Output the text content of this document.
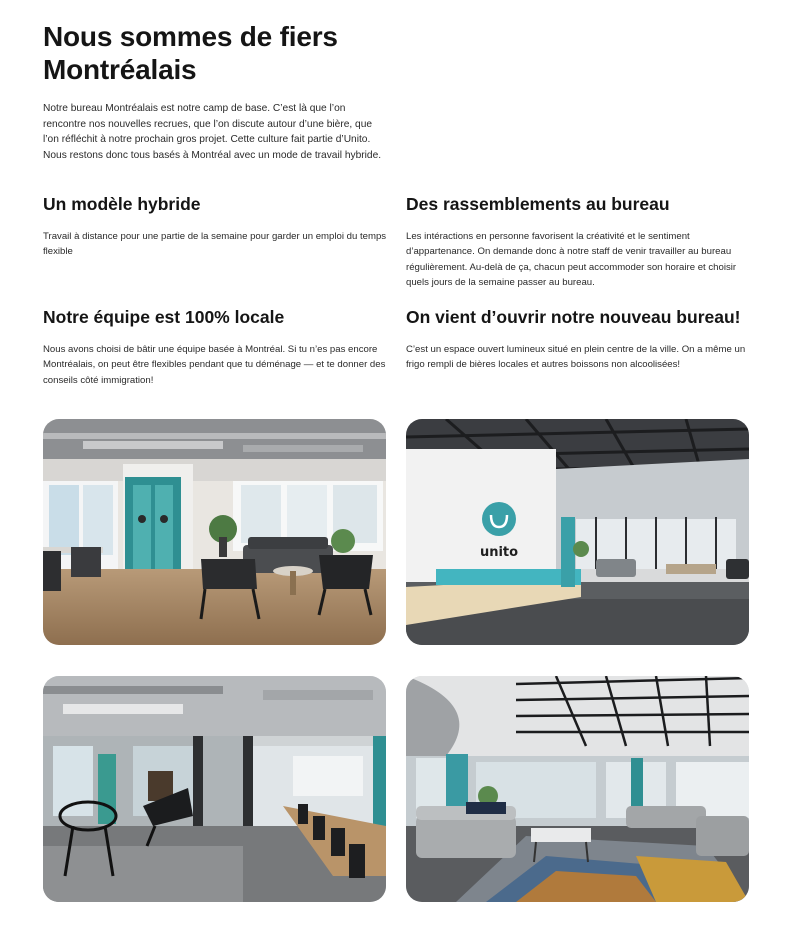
Nous sommes de fiers Montréalais

Notre bureau Montréalais est notre camp de base. C’est là que l’on rencontre nos nouvelles recrues, que l’on discute autour d’une bière, que l’on réfléchit à notre prochain gros projet. Cette culture fait partie d’Unito. Nous restons donc tous basés à Montréal avec un mode de travail hybride.

Un modèle hybride

Travail à distance pour une partie de la semaine pour garder un emploi du temps flexible

Des rassemblements au bureau

Les intéractions en personne favorisent la créativité et le sentiment d’appartenance. On demande donc à notre staff de venir travailler au bureau régulièrement. Au-delà de ça, chacun peut accommoder son horaire et choisir quels jours de la semaine passer au bureau.

Notre équipe est 100% locale

Nous avons choisi de bâtir une équipe basée à Montréal. Si tu n’es pas encore Montréalais, on peut être flexibles pendant que tu déménage — et te donner des conseils côté immigration!

On vient d’ouvrir notre nouveau bureau!

C’est un espace ouvert lumineux situé en plein centre de la ville. On a même un frigo rempli de bières locales et autres boissons non alcoolisées!

unito
